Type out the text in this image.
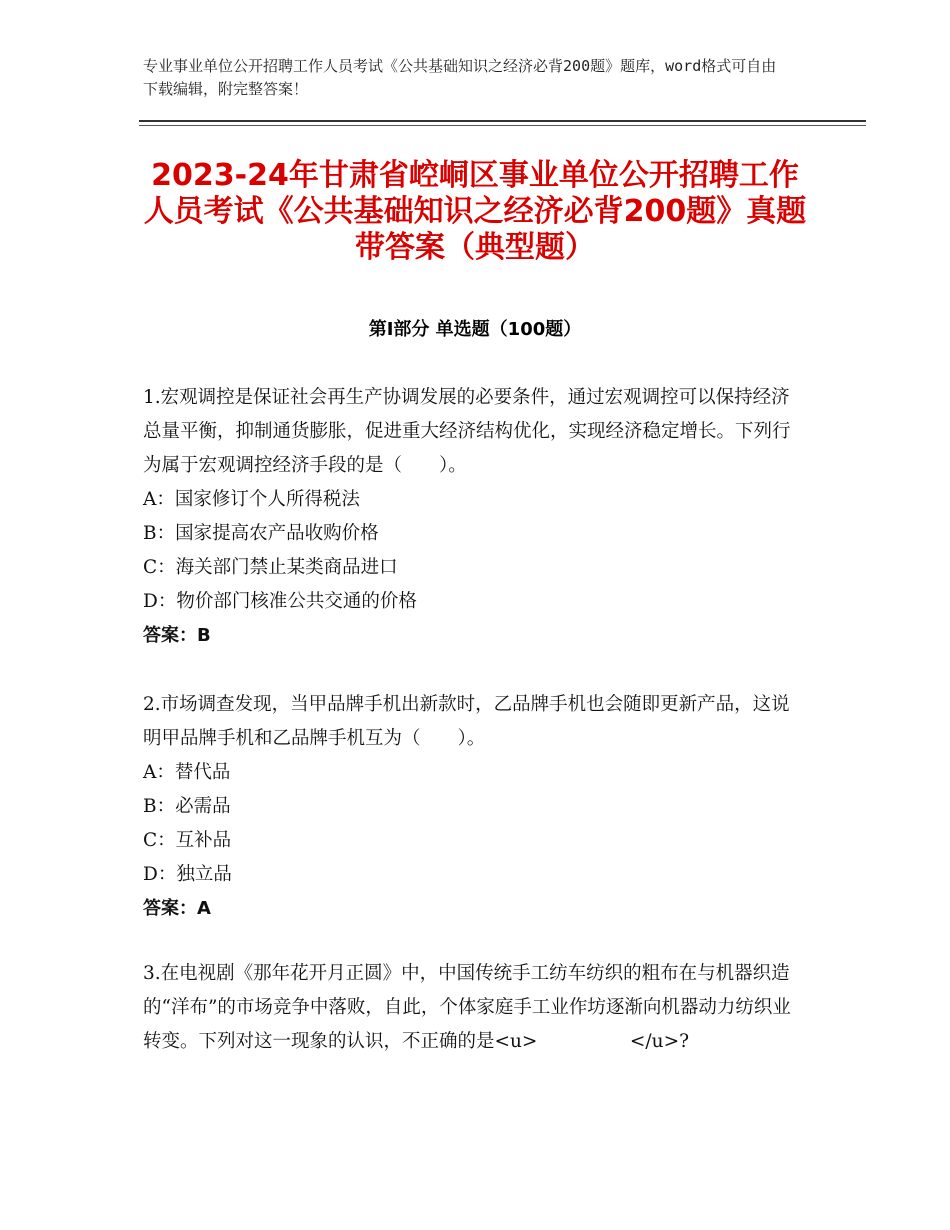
专业事业单位公开招聘工作人员考试《公共基础知识之经济必背200题》题库，word格式可自由下载编辑，附完整答案！
2023-24年甘肃省崆峒区事业单位公开招聘工作人员考试《公共基础知识之经济必背200题》真题带答案（典型题）
第Ⅰ部分 单选题（100题）

1.宏观调控是保证社会再生产协调发展的必要条件，通过宏观调控可以保持经济总量平衡，抑制通货膨胀，促进重大经济结构优化，实现经济稳定增长。下列行为属于宏观调控经济手段的是（　　）。

A：国家修订个人所得税法

B：国家提高农产品收购价格

C：海关部门禁止某类商品进口

D：物价部门核准公共交通的价格

答案：B

2.市场调查发现，当甲品牌手机出新款时，乙品牌手机也会随即更新产品，这说明甲品牌手机和乙品牌手机互为（　　）。

A：替代品

B：必需品

C：互补品

D：独立品

答案：A

3.在电视剧《那年花开月正圆》中，中国传统手工纺车纺织的粗布在与机器织造的“洋布”的市场竞争中落败，自此，个体家庭手工业作坊逐渐向机器动力纺织业转变。下列对这一现象的认识，不正确的是<u>　　　　　</u>?
